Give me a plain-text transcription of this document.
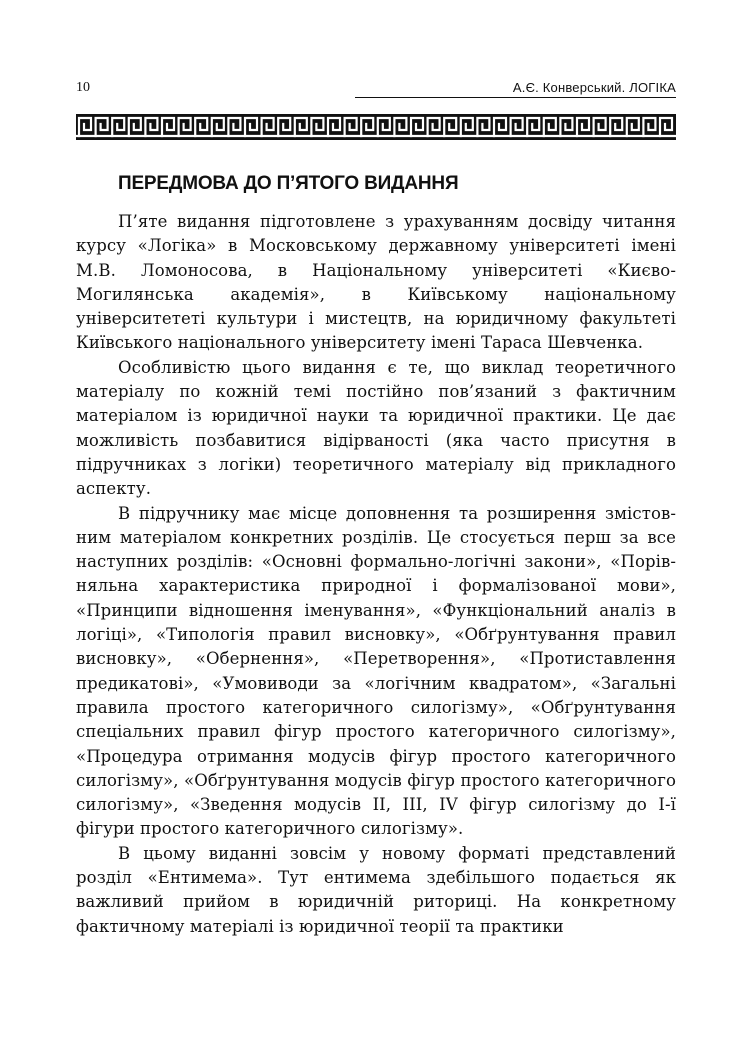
10	А.Є. Конверський. ЛОГІКА
ПЕРЕДМОВА ДО П’ЯТОГО ВИДАННЯ

П’яте видання підготовлене з урахуванням досвіду читання курсу «Логіка» в Московському державному університеті імені М.В. Ломоносова, в Національному університеті «Києво-Могилянська академія», в Київському національному університететі культури і мистецтв, на юридичному факультеті Київського національного університету імені Тараса Шевченка.

Особливістю цього видання є те, що виклад теоретичного матеріалу по кожній темі постійно пов’язаний з фактичним матеріалом із юридичної науки та юридичної практики. Це дає можливість позбавитися відірваності (яка часто присутня в підручниках з логіки) теоретичного матеріалу від прикладного аспекту.

В підручнику має місце доповнення та розширення змістовним матеріалом конкретних розділів. Це стосується перш за все наступних розділів: «Основні формально-логічні закони», «Порівняльна характеристика природної і формалізованої мови», «Принципи відношення іменування», «Функціональний аналіз в логіці», «Типологія правил висновку», «Обґрунтування правил висновку», «Обернення», «Перетворення», «Протиставлення предикатові», «Умовиводи за «логічним квадратом», «Загальні правила простого категоричного силогізму», «Обґрунтування спеціальних правил фігур простого категоричного силогізму», «Процедура отримання модусів фігур простого категоричного силогізму», «Обґрунтування модусів фігур простого категоричного силогізму», «Зведення модусів II, III, IV фігур силогізму до I-ї фігури простого категоричного силогізму».

В цьому виданні зовсім у новому форматі представлений розділ «Ентимема». Тут ентимема здебільшого подається як важливий прийом в юридичній риториці. На конкретному фактичному матеріалі із юридичної теорії та практики
